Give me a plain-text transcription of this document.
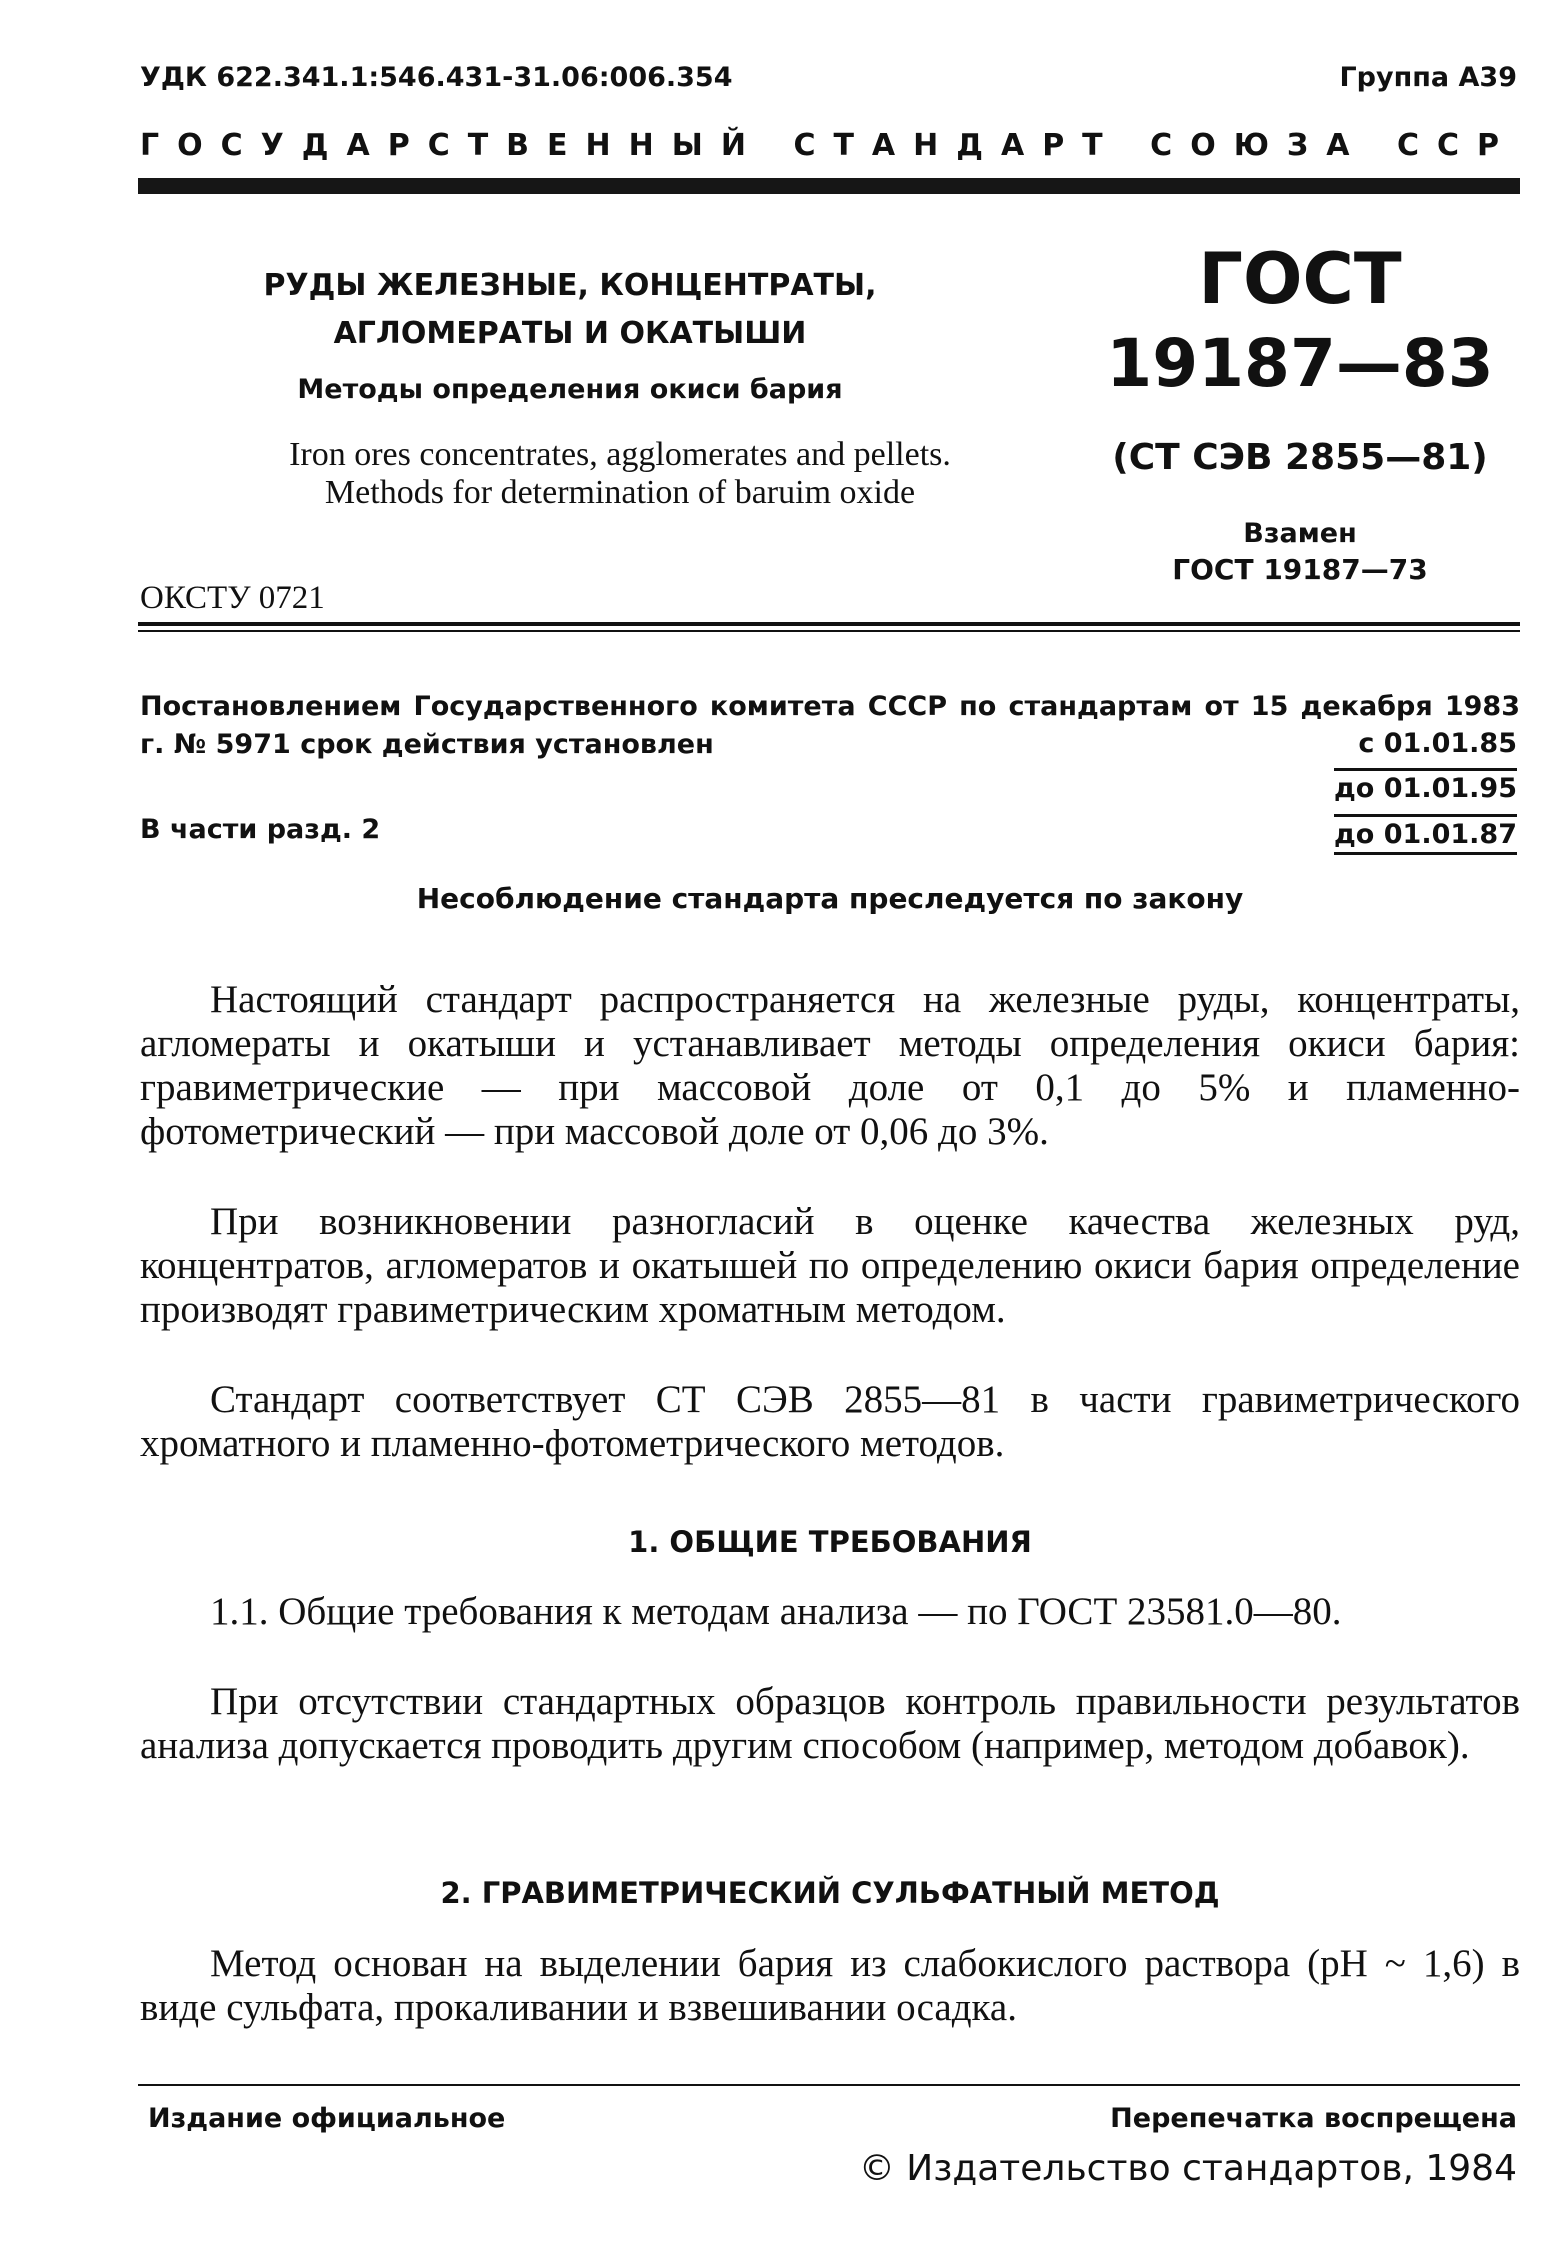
УДК 622.341.1:546.431-31.06:006.354	Группа А39
ГОСУДАРСТВЕННЫЙ СТАНДАРТ СОЮЗА ССР
РУДЫ ЖЕЛЕЗНЫЕ, КОНЦЕНТРАТЫ,
АГЛОМЕРАТЫ И ОКАТЫШИ
Методы определения окиси бария
Iron ores concentrates, agglomerates and pellets.
Methods for determination of baruim oxide
ГОСТ
19187—83
(СТ СЭВ 2855—81)
Взамен
ГОСТ 19187—73
ОКСТУ 0721
Постановлением Государственного комитета СССР по стандартам от 15 декабря 1983 г. № 5971 срок действия установлен	с 01.01.85
до 01.01.95
В части разд. 2	до 01.01.87
Несоблюдение стандарта преследуется по закону
Настоящий стандарт распространяется на железные руды, концентраты, агломераты и окатыши и устанавливает методы определения окиси бария: гравиметрические — при массовой доле от 0,1 до 5% и пламенно-фотометрический — при массовой доле от 0,06 до 3%.
При возникновении разногласий в оценке качества железных руд, концентратов, агломератов и окатышей по определению окиси бария определение производят гравиметрическим хроматным методом.
Стандарт соответствует СТ СЭВ 2855—81 в части гравиметрического хроматного и пламенно-фотометрического методов.
1. ОБЩИЕ ТРЕБОВАНИЯ
1.1. Общие требования к методам анализа — по ГОСТ 23581.0—80.
При отсутствии стандартных образцов контроль правильности результатов анализа допускается проводить другим способом (например, методом добавок).
2. ГРАВИМЕТРИЧЕСКИЙ СУЛЬФАТНЫЙ МЕТОД
Метод основан на выделении бария из слабокислого раствора (pH ~ 1,6) в виде сульфата, прокаливании и взвешивании осадка.
Издание официальное	Перепечатка воспрещена
© Издательство стандартов, 1984
